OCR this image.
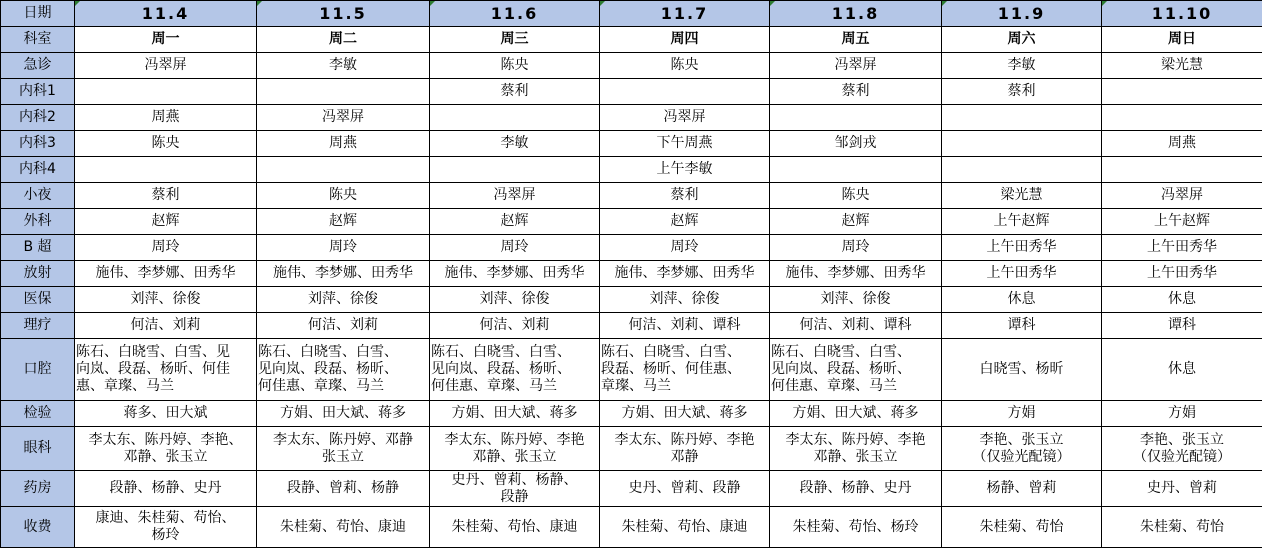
日期	11.4	11.5	11.6	11.7	11.8	11.9	11.10
科室	周一	周二	周三	周四	周五	周六	周日
急诊	冯翠屏	李敏	陈央	陈央	冯翠屏	李敏	梁光慧
内科1			蔡利		蔡利	蔡利	
内科2	周燕	冯翠屏		冯翠屏			
内科3	陈央	周燕	李敏	下午周燕	邹剑戎		周燕
内科4				上午李敏			
小夜	蔡利	陈央	冯翠屏	蔡利	陈央	梁光慧	冯翠屏
外科	赵辉	赵辉	赵辉	赵辉	赵辉	上午赵辉	上午赵辉
B 超	周玲	周玲	周玲	周玲	周玲	上午田秀华	上午田秀华
放射	施伟、李梦娜、田秀华	施伟、李梦娜、田秀华	施伟、李梦娜、田秀华	施伟、李梦娜、田秀华	施伟、李梦娜、田秀华	上午田秀华	上午田秀华
医保	刘萍、徐俊	刘萍、徐俊	刘萍、徐俊	刘萍、徐俊	刘萍、徐俊	休息	休息
理疗	何洁、刘莉	何洁、刘莉	何洁、刘莉	何洁、刘莉、谭科	何洁、刘莉、谭科	谭科	谭科
口腔	陈石、白晓雪、白雪、见
向岚、段磊、杨昕、何佳
惠、章璨、马兰	陈石、白晓雪、白雪、
见向岚、段磊、杨昕、
何佳惠、章璨、马兰	陈石、白晓雪、白雪、
见向岚、段磊、杨昕、
何佳惠、章璨、马兰	陈石、白晓雪、白雪、
段磊、杨昕、何佳惠、
章璨、马兰	陈石、白晓雪、白雪、
见向岚、段磊、杨昕、
何佳惠、章璨、马兰	白晓雪、杨昕	休息
检验	蒋多、田大斌	方娟、田大斌、蒋多	方娟、田大斌、蒋多	方娟、田大斌、蒋多	方娟、田大斌、蒋多	方娟	方娟
眼科	李太东、陈丹婷、李艳、
邓静、张玉立	李太东、陈丹婷、邓静
张玉立	李太东、陈丹婷、李艳
邓静、张玉立	李太东、陈丹婷、李艳
邓静	李太东、陈丹婷、李艳
邓静、张玉立	李艳、张玉立
（仅验光配镜）	李艳、张玉立
（仅验光配镜）
药房	段静、杨静、史丹	段静、曾莉、杨静	史丹、曾莉、杨静、
段静	史丹、曾莉、段静	段静、杨静、史丹	杨静、曾莉	史丹、曾莉
收费	康迪、朱桂菊、苟怡、
杨玲	朱桂菊、苟怡、康迪	朱桂菊、苟怡、康迪	朱桂菊、苟怡、康迪	朱桂菊、苟怡、杨玲	朱桂菊、苟怡	朱桂菊、苟怡
